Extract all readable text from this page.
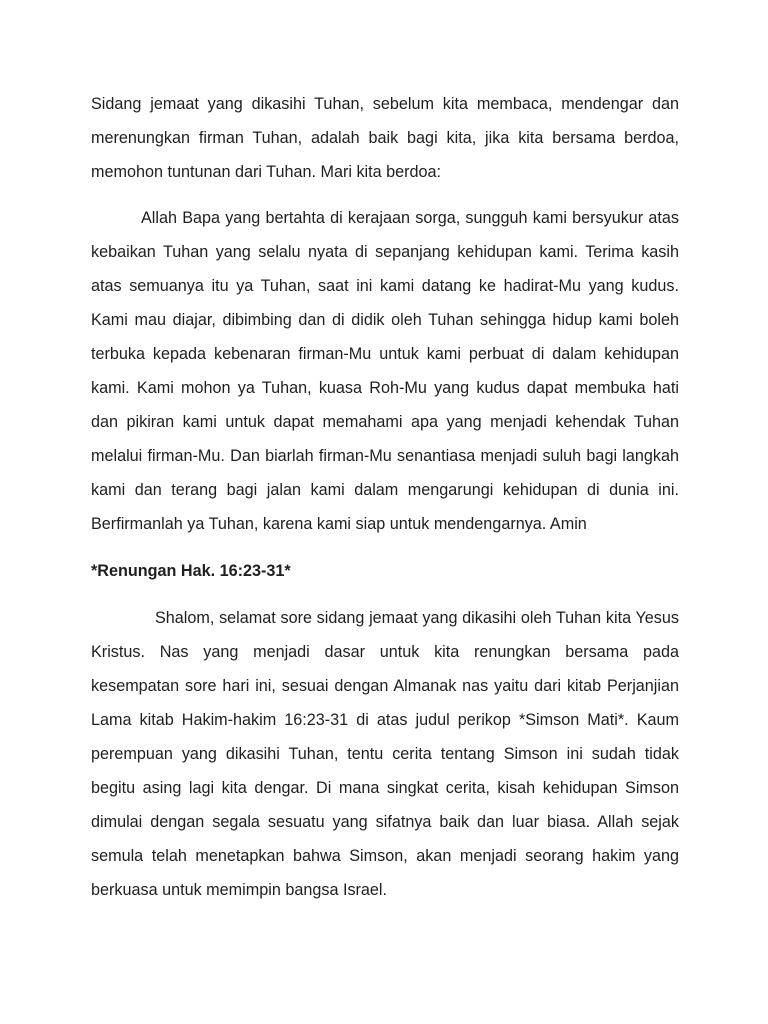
Sidang jemaat yang dikasihi Tuhan, sebelum kita membaca, mendengar dan merenungkan firman Tuhan, adalah baik bagi kita, jika kita bersama berdoa, memohon tuntunan dari Tuhan. Mari kita berdoa:

Allah Bapa yang bertahta di kerajaan sorga, sungguh kami bersyukur atas kebaikan Tuhan yang selalu nyata di sepanjang kehidupan kami. Terima kasih atas semuanya itu ya Tuhan, saat ini kami datang ke hadirat-Mu yang kudus. Kami mau diajar, dibimbing dan di didik oleh Tuhan sehingga hidup kami boleh terbuka kepada kebenaran firman-Mu untuk kami perbuat di dalam kehidupan kami. Kami mohon ya Tuhan, kuasa Roh-Mu yang kudus dapat membuka hati dan pikiran kami untuk dapat memahami apa yang menjadi kehendak Tuhan melalui firman-Mu. Dan biarlah firman-Mu senantiasa menjadi suluh bagi langkah kami dan terang bagi jalan kami dalam mengarungi kehidupan di dunia ini. Berfirmanlah ya Tuhan, karena kami siap untuk mendengarnya. Amin

*Renungan Hak. 16:23-31*

Shalom, selamat sore sidang jemaat yang dikasihi oleh Tuhan kita Yesus Kristus. Nas yang menjadi dasar untuk kita renungkan bersama pada kesempatan sore hari ini, sesuai dengan Almanak nas yaitu dari kitab Perjanjian Lama kitab Hakim-hakim 16:23-31 di atas judul perikop *Simson Mati*. Kaum perempuan yang dikasihi Tuhan, tentu cerita tentang Simson ini sudah tidak begitu asing lagi kita dengar. Di mana singkat cerita, kisah kehidupan Simson dimulai dengan segala sesuatu yang sifatnya baik dan luar biasa. Allah sejak semula telah menetapkan bahwa Simson, akan menjadi seorang hakim yang berkuasa untuk memimpin bangsa Israel.
